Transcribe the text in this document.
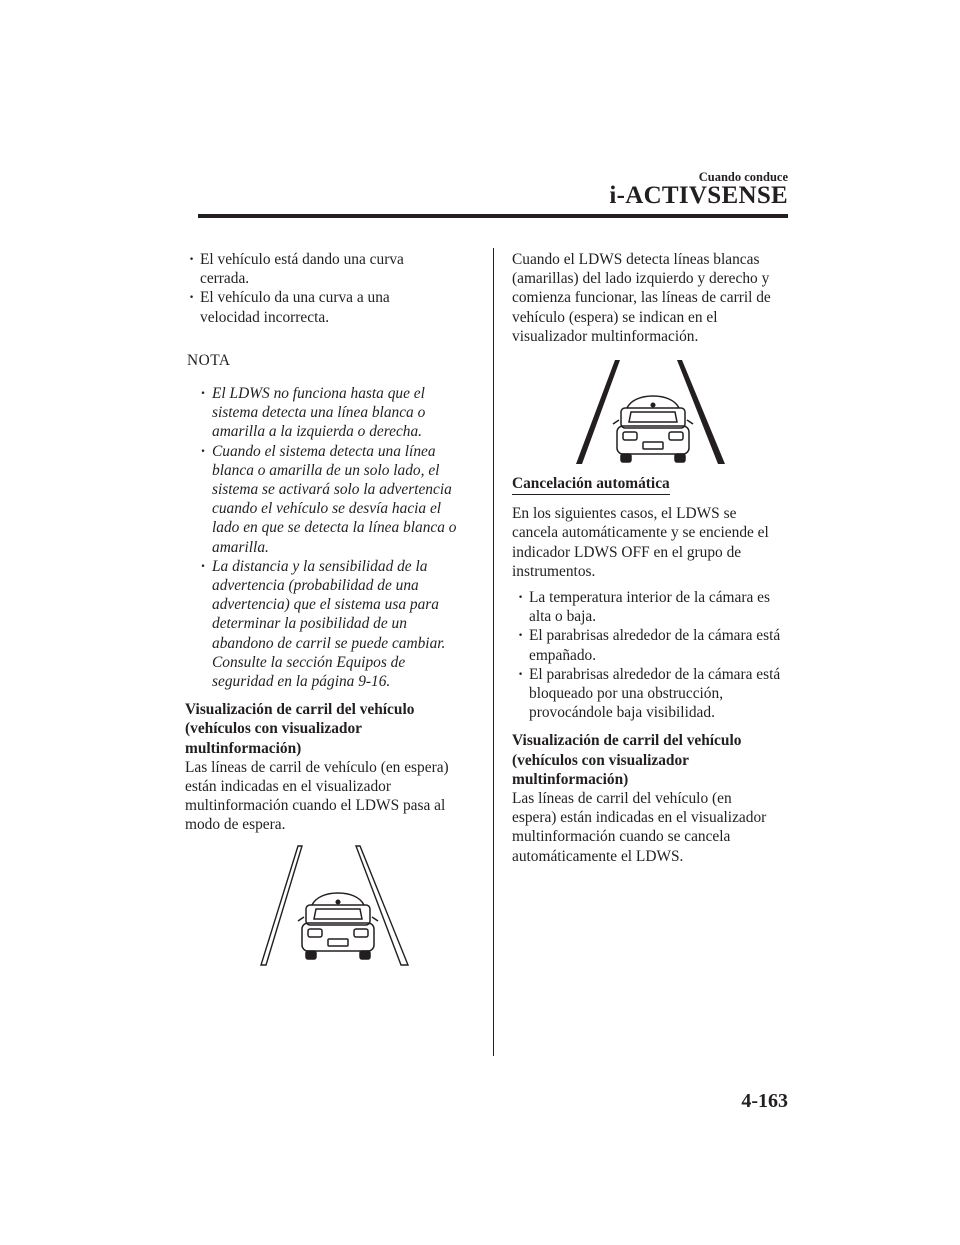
Cuando conduce
i-ACTIVSENSE
· El vehículo está dando una curva
cerrada.
· El vehículo da una curva a una
velocidad incorrecta.
NOTA
· El LDWS no funciona hasta que el
sistema detecta una línea blanca o
amarilla a la izquierda o derecha.
· Cuando el sistema detecta una línea
blanca o amarilla de un solo lado, el
sistema se activará solo la advertencia
cuando el vehículo se desvía hacia el
lado en que se detecta la línea blanca o
amarilla.
· La distancia y la sensibilidad de la
advertencia (probabilidad de una
advertencia) que el sistema usa para
determinar la posibilidad de un
abandono de carril se puede cambiar.
Consulte la sección Equipos de
seguridad en la página 9-16.
Visualización de carril del vehículo
(vehículos con visualizador
multinformación)

Las líneas de carril de vehículo (en espera)
están indicadas en el visualizador
multinformación cuando el LDWS pasa al
modo de espera.

Cuando el LDWS detecta líneas blancas
(amarillas) del lado izquierdo y derecho y
comienza funcionar, las líneas de carril de
vehículo (espera) se indican en el
visualizador multinformación.

Cancelación automática

En los siguientes casos, el LDWS se
cancela automáticamente y se enciende el
indicador LDWS OFF en el grupo de
instrumentos.

· La temperatura interior de la cámara es
alta o baja.
· El parabrisas alrededor de la cámara está
empañado.
· El parabrisas alrededor de la cámara está
bloqueado por una obstrucción,
provocándole baja visibilidad.
Visualización de carril del vehículo
(vehículos con visualizador
multinformación)

Las líneas de carril del vehículo (en
espera) están indicadas en el visualizador
multinformación cuando se cancela
automáticamente el LDWS.

4-163
